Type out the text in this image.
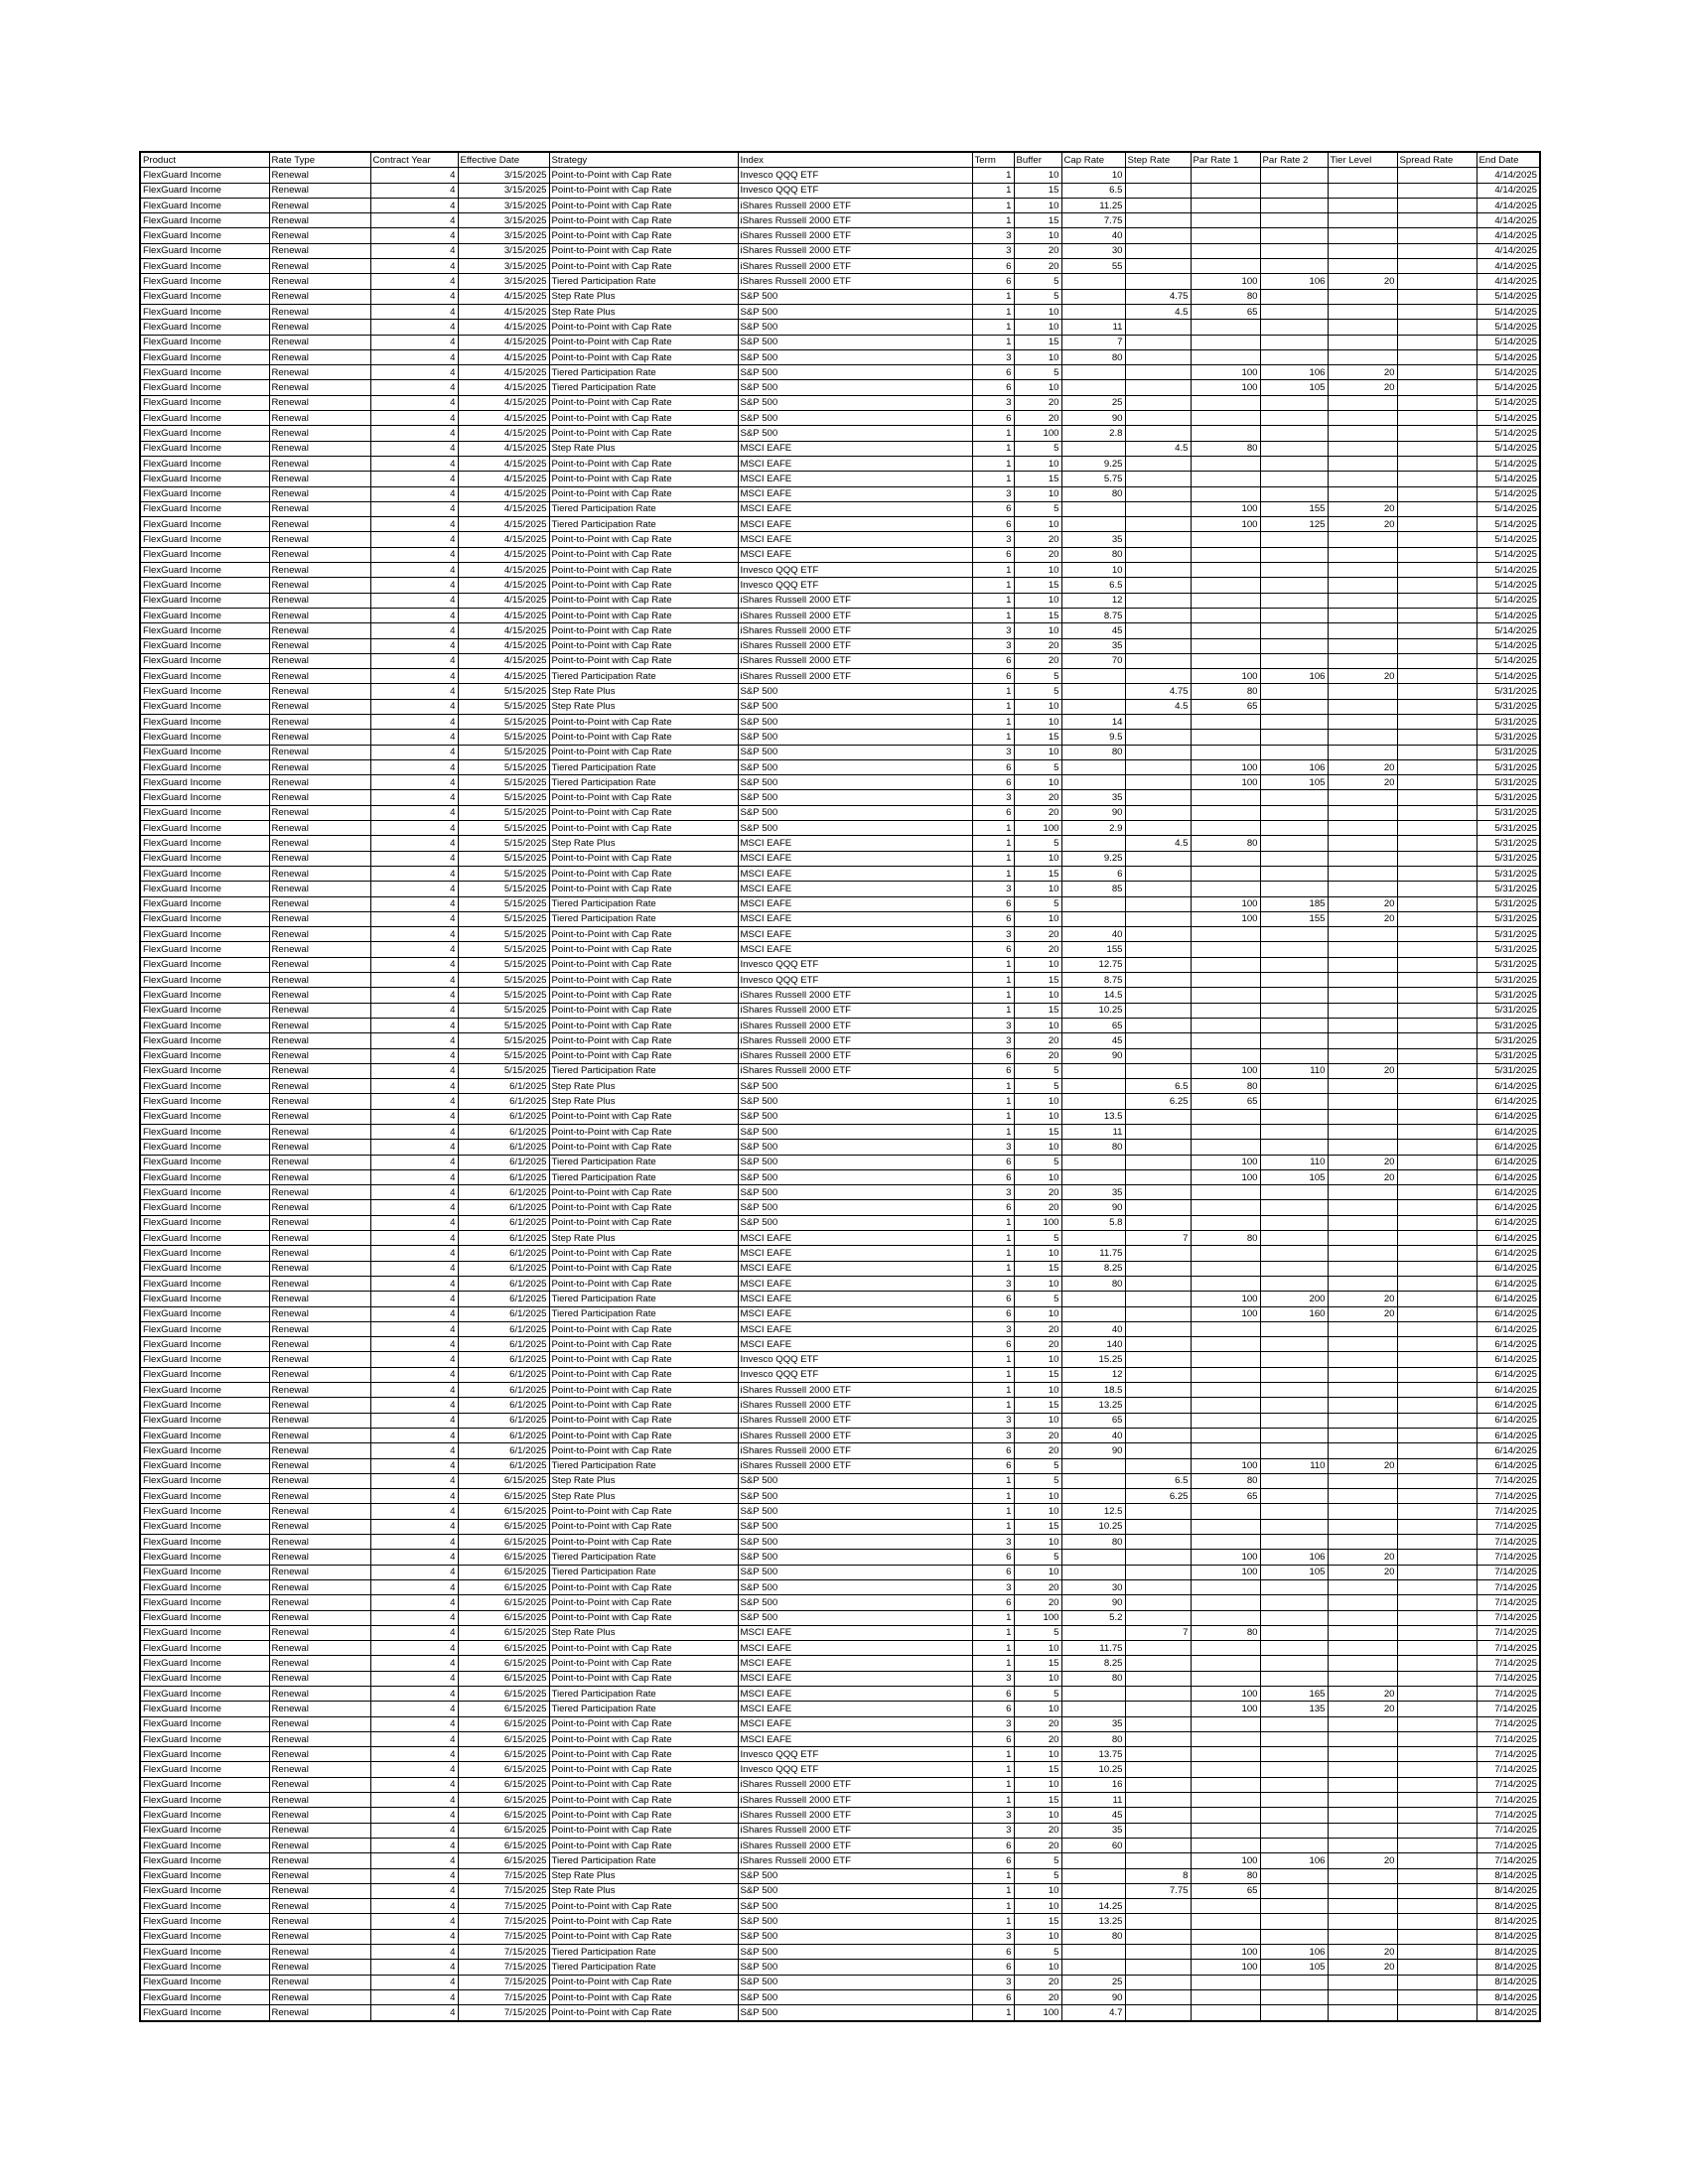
Product	Rate Type	Contract Year	Effective Date	Strategy	Index	Term	Buffer	Cap Rate	Step Rate	Par Rate 1	Par Rate 2	Tier Level	Spread Rate	End Date
FlexGuard Income	Renewal	4	3/15/2025	Point-to-Point with Cap Rate	Invesco QQQ ETF	1	10	10						4/14/2025
FlexGuard Income	Renewal	4	3/15/2025	Point-to-Point with Cap Rate	Invesco QQQ ETF	1	15	6.5						4/14/2025
FlexGuard Income	Renewal	4	3/15/2025	Point-to-Point with Cap Rate	iShares Russell 2000 ETF	1	10	11.25						4/14/2025
FlexGuard Income	Renewal	4	3/15/2025	Point-to-Point with Cap Rate	iShares Russell 2000 ETF	1	15	7.75						4/14/2025
FlexGuard Income	Renewal	4	3/15/2025	Point-to-Point with Cap Rate	iShares Russell 2000 ETF	3	10	40						4/14/2025
FlexGuard Income	Renewal	4	3/15/2025	Point-to-Point with Cap Rate	iShares Russell 2000 ETF	3	20	30						4/14/2025
FlexGuard Income	Renewal	4	3/15/2025	Point-to-Point with Cap Rate	iShares Russell 2000 ETF	6	20	55						4/14/2025
FlexGuard Income	Renewal	4	3/15/2025	Tiered Participation Rate	iShares Russell 2000 ETF	6	5			100	106	20		4/14/2025
FlexGuard Income	Renewal	4	4/15/2025	Step Rate Plus	S&P 500	1	5		4.75	80				5/14/2025
FlexGuard Income	Renewal	4	4/15/2025	Step Rate Plus	S&P 500	1	10		4.5	65				5/14/2025
FlexGuard Income	Renewal	4	4/15/2025	Point-to-Point with Cap Rate	S&P 500	1	10	11						5/14/2025
FlexGuard Income	Renewal	4	4/15/2025	Point-to-Point with Cap Rate	S&P 500	1	15	7						5/14/2025
FlexGuard Income	Renewal	4	4/15/2025	Point-to-Point with Cap Rate	S&P 500	3	10	80						5/14/2025
FlexGuard Income	Renewal	4	4/15/2025	Tiered Participation Rate	S&P 500	6	5			100	106	20		5/14/2025
FlexGuard Income	Renewal	4	4/15/2025	Tiered Participation Rate	S&P 500	6	10			100	105	20		5/14/2025
FlexGuard Income	Renewal	4	4/15/2025	Point-to-Point with Cap Rate	S&P 500	3	20	25						5/14/2025
FlexGuard Income	Renewal	4	4/15/2025	Point-to-Point with Cap Rate	S&P 500	6	20	90						5/14/2025
FlexGuard Income	Renewal	4	4/15/2025	Point-to-Point with Cap Rate	S&P 500	1	100	2.8						5/14/2025
FlexGuard Income	Renewal	4	4/15/2025	Step Rate Plus	MSCI EAFE	1	5		4.5	80				5/14/2025
FlexGuard Income	Renewal	4	4/15/2025	Point-to-Point with Cap Rate	MSCI EAFE	1	10	9.25						5/14/2025
FlexGuard Income	Renewal	4	4/15/2025	Point-to-Point with Cap Rate	MSCI EAFE	1	15	5.75						5/14/2025
FlexGuard Income	Renewal	4	4/15/2025	Point-to-Point with Cap Rate	MSCI EAFE	3	10	80						5/14/2025
FlexGuard Income	Renewal	4	4/15/2025	Tiered Participation Rate	MSCI EAFE	6	5			100	155	20		5/14/2025
FlexGuard Income	Renewal	4	4/15/2025	Tiered Participation Rate	MSCI EAFE	6	10			100	125	20		5/14/2025
FlexGuard Income	Renewal	4	4/15/2025	Point-to-Point with Cap Rate	MSCI EAFE	3	20	35						5/14/2025
FlexGuard Income	Renewal	4	4/15/2025	Point-to-Point with Cap Rate	MSCI EAFE	6	20	80						5/14/2025
FlexGuard Income	Renewal	4	4/15/2025	Point-to-Point with Cap Rate	Invesco QQQ ETF	1	10	10						5/14/2025
FlexGuard Income	Renewal	4	4/15/2025	Point-to-Point with Cap Rate	Invesco QQQ ETF	1	15	6.5						5/14/2025
FlexGuard Income	Renewal	4	4/15/2025	Point-to-Point with Cap Rate	iShares Russell 2000 ETF	1	10	12						5/14/2025
FlexGuard Income	Renewal	4	4/15/2025	Point-to-Point with Cap Rate	iShares Russell 2000 ETF	1	15	8.75						5/14/2025
FlexGuard Income	Renewal	4	4/15/2025	Point-to-Point with Cap Rate	iShares Russell 2000 ETF	3	10	45						5/14/2025
FlexGuard Income	Renewal	4	4/15/2025	Point-to-Point with Cap Rate	iShares Russell 2000 ETF	3	20	35						5/14/2025
FlexGuard Income	Renewal	4	4/15/2025	Point-to-Point with Cap Rate	iShares Russell 2000 ETF	6	20	70						5/14/2025
FlexGuard Income	Renewal	4	4/15/2025	Tiered Participation Rate	iShares Russell 2000 ETF	6	5			100	106	20		5/14/2025
FlexGuard Income	Renewal	4	5/15/2025	Step Rate Plus	S&P 500	1	5		4.75	80				5/31/2025
FlexGuard Income	Renewal	4	5/15/2025	Step Rate Plus	S&P 500	1	10		4.5	65				5/31/2025
FlexGuard Income	Renewal	4	5/15/2025	Point-to-Point with Cap Rate	S&P 500	1	10	14						5/31/2025
FlexGuard Income	Renewal	4	5/15/2025	Point-to-Point with Cap Rate	S&P 500	1	15	9.5						5/31/2025
FlexGuard Income	Renewal	4	5/15/2025	Point-to-Point with Cap Rate	S&P 500	3	10	80						5/31/2025
FlexGuard Income	Renewal	4	5/15/2025	Tiered Participation Rate	S&P 500	6	5			100	106	20		5/31/2025
FlexGuard Income	Renewal	4	5/15/2025	Tiered Participation Rate	S&P 500	6	10			100	105	20		5/31/2025
FlexGuard Income	Renewal	4	5/15/2025	Point-to-Point with Cap Rate	S&P 500	3	20	35						5/31/2025
FlexGuard Income	Renewal	4	5/15/2025	Point-to-Point with Cap Rate	S&P 500	6	20	90						5/31/2025
FlexGuard Income	Renewal	4	5/15/2025	Point-to-Point with Cap Rate	S&P 500	1	100	2.9						5/31/2025
FlexGuard Income	Renewal	4	5/15/2025	Step Rate Plus	MSCI EAFE	1	5		4.5	80				5/31/2025
FlexGuard Income	Renewal	4	5/15/2025	Point-to-Point with Cap Rate	MSCI EAFE	1	10	9.25						5/31/2025
FlexGuard Income	Renewal	4	5/15/2025	Point-to-Point with Cap Rate	MSCI EAFE	1	15	6						5/31/2025
FlexGuard Income	Renewal	4	5/15/2025	Point-to-Point with Cap Rate	MSCI EAFE	3	10	85						5/31/2025
FlexGuard Income	Renewal	4	5/15/2025	Tiered Participation Rate	MSCI EAFE	6	5			100	185	20		5/31/2025
FlexGuard Income	Renewal	4	5/15/2025	Tiered Participation Rate	MSCI EAFE	6	10			100	155	20		5/31/2025
FlexGuard Income	Renewal	4	5/15/2025	Point-to-Point with Cap Rate	MSCI EAFE	3	20	40						5/31/2025
FlexGuard Income	Renewal	4	5/15/2025	Point-to-Point with Cap Rate	MSCI EAFE	6	20	155						5/31/2025
FlexGuard Income	Renewal	4	5/15/2025	Point-to-Point with Cap Rate	Invesco QQQ ETF	1	10	12.75						5/31/2025
FlexGuard Income	Renewal	4	5/15/2025	Point-to-Point with Cap Rate	Invesco QQQ ETF	1	15	8.75						5/31/2025
FlexGuard Income	Renewal	4	5/15/2025	Point-to-Point with Cap Rate	iShares Russell 2000 ETF	1	10	14.5						5/31/2025
FlexGuard Income	Renewal	4	5/15/2025	Point-to-Point with Cap Rate	iShares Russell 2000 ETF	1	15	10.25						5/31/2025
FlexGuard Income	Renewal	4	5/15/2025	Point-to-Point with Cap Rate	iShares Russell 2000 ETF	3	10	65						5/31/2025
FlexGuard Income	Renewal	4	5/15/2025	Point-to-Point with Cap Rate	iShares Russell 2000 ETF	3	20	45						5/31/2025
FlexGuard Income	Renewal	4	5/15/2025	Point-to-Point with Cap Rate	iShares Russell 2000 ETF	6	20	90						5/31/2025
FlexGuard Income	Renewal	4	5/15/2025	Tiered Participation Rate	iShares Russell 2000 ETF	6	5			100	110	20		5/31/2025
FlexGuard Income	Renewal	4	6/1/2025	Step Rate Plus	S&P 500	1	5		6.5	80				6/14/2025
FlexGuard Income	Renewal	4	6/1/2025	Step Rate Plus	S&P 500	1	10		6.25	65				6/14/2025
FlexGuard Income	Renewal	4	6/1/2025	Point-to-Point with Cap Rate	S&P 500	1	10	13.5						6/14/2025
FlexGuard Income	Renewal	4	6/1/2025	Point-to-Point with Cap Rate	S&P 500	1	15	11						6/14/2025
FlexGuard Income	Renewal	4	6/1/2025	Point-to-Point with Cap Rate	S&P 500	3	10	80						6/14/2025
FlexGuard Income	Renewal	4	6/1/2025	Tiered Participation Rate	S&P 500	6	5			100	110	20		6/14/2025
FlexGuard Income	Renewal	4	6/1/2025	Tiered Participation Rate	S&P 500	6	10			100	105	20		6/14/2025
FlexGuard Income	Renewal	4	6/1/2025	Point-to-Point with Cap Rate	S&P 500	3	20	35						6/14/2025
FlexGuard Income	Renewal	4	6/1/2025	Point-to-Point with Cap Rate	S&P 500	6	20	90						6/14/2025
FlexGuard Income	Renewal	4	6/1/2025	Point-to-Point with Cap Rate	S&P 500	1	100	5.8						6/14/2025
FlexGuard Income	Renewal	4	6/1/2025	Step Rate Plus	MSCI EAFE	1	5		7	80				6/14/2025
FlexGuard Income	Renewal	4	6/1/2025	Point-to-Point with Cap Rate	MSCI EAFE	1	10	11.75						6/14/2025
FlexGuard Income	Renewal	4	6/1/2025	Point-to-Point with Cap Rate	MSCI EAFE	1	15	8.25						6/14/2025
FlexGuard Income	Renewal	4	6/1/2025	Point-to-Point with Cap Rate	MSCI EAFE	3	10	80						6/14/2025
FlexGuard Income	Renewal	4	6/1/2025	Tiered Participation Rate	MSCI EAFE	6	5			100	200	20		6/14/2025
FlexGuard Income	Renewal	4	6/1/2025	Tiered Participation Rate	MSCI EAFE	6	10			100	160	20		6/14/2025
FlexGuard Income	Renewal	4	6/1/2025	Point-to-Point with Cap Rate	MSCI EAFE	3	20	40						6/14/2025
FlexGuard Income	Renewal	4	6/1/2025	Point-to-Point with Cap Rate	MSCI EAFE	6	20	140						6/14/2025
FlexGuard Income	Renewal	4	6/1/2025	Point-to-Point with Cap Rate	Invesco QQQ ETF	1	10	15.25						6/14/2025
FlexGuard Income	Renewal	4	6/1/2025	Point-to-Point with Cap Rate	Invesco QQQ ETF	1	15	12						6/14/2025
FlexGuard Income	Renewal	4	6/1/2025	Point-to-Point with Cap Rate	iShares Russell 2000 ETF	1	10	18.5						6/14/2025
FlexGuard Income	Renewal	4	6/1/2025	Point-to-Point with Cap Rate	iShares Russell 2000 ETF	1	15	13.25						6/14/2025
FlexGuard Income	Renewal	4	6/1/2025	Point-to-Point with Cap Rate	iShares Russell 2000 ETF	3	10	65						6/14/2025
FlexGuard Income	Renewal	4	6/1/2025	Point-to-Point with Cap Rate	iShares Russell 2000 ETF	3	20	40						6/14/2025
FlexGuard Income	Renewal	4	6/1/2025	Point-to-Point with Cap Rate	iShares Russell 2000 ETF	6	20	90						6/14/2025
FlexGuard Income	Renewal	4	6/1/2025	Tiered Participation Rate	iShares Russell 2000 ETF	6	5			100	110	20		6/14/2025
FlexGuard Income	Renewal	4	6/15/2025	Step Rate Plus	S&P 500	1	5		6.5	80				7/14/2025
FlexGuard Income	Renewal	4	6/15/2025	Step Rate Plus	S&P 500	1	10		6.25	65				7/14/2025
FlexGuard Income	Renewal	4	6/15/2025	Point-to-Point with Cap Rate	S&P 500	1	10	12.5						7/14/2025
FlexGuard Income	Renewal	4	6/15/2025	Point-to-Point with Cap Rate	S&P 500	1	15	10.25						7/14/2025
FlexGuard Income	Renewal	4	6/15/2025	Point-to-Point with Cap Rate	S&P 500	3	10	80						7/14/2025
FlexGuard Income	Renewal	4	6/15/2025	Tiered Participation Rate	S&P 500	6	5			100	106	20		7/14/2025
FlexGuard Income	Renewal	4	6/15/2025	Tiered Participation Rate	S&P 500	6	10			100	105	20		7/14/2025
FlexGuard Income	Renewal	4	6/15/2025	Point-to-Point with Cap Rate	S&P 500	3	20	30						7/14/2025
FlexGuard Income	Renewal	4	6/15/2025	Point-to-Point with Cap Rate	S&P 500	6	20	90						7/14/2025
FlexGuard Income	Renewal	4	6/15/2025	Point-to-Point with Cap Rate	S&P 500	1	100	5.2						7/14/2025
FlexGuard Income	Renewal	4	6/15/2025	Step Rate Plus	MSCI EAFE	1	5		7	80				7/14/2025
FlexGuard Income	Renewal	4	6/15/2025	Point-to-Point with Cap Rate	MSCI EAFE	1	10	11.75						7/14/2025
FlexGuard Income	Renewal	4	6/15/2025	Point-to-Point with Cap Rate	MSCI EAFE	1	15	8.25						7/14/2025
FlexGuard Income	Renewal	4	6/15/2025	Point-to-Point with Cap Rate	MSCI EAFE	3	10	80						7/14/2025
FlexGuard Income	Renewal	4	6/15/2025	Tiered Participation Rate	MSCI EAFE	6	5			100	165	20		7/14/2025
FlexGuard Income	Renewal	4	6/15/2025	Tiered Participation Rate	MSCI EAFE	6	10			100	135	20		7/14/2025
FlexGuard Income	Renewal	4	6/15/2025	Point-to-Point with Cap Rate	MSCI EAFE	3	20	35						7/14/2025
FlexGuard Income	Renewal	4	6/15/2025	Point-to-Point with Cap Rate	MSCI EAFE	6	20	80						7/14/2025
FlexGuard Income	Renewal	4	6/15/2025	Point-to-Point with Cap Rate	Invesco QQQ ETF	1	10	13.75						7/14/2025
FlexGuard Income	Renewal	4	6/15/2025	Point-to-Point with Cap Rate	Invesco QQQ ETF	1	15	10.25						7/14/2025
FlexGuard Income	Renewal	4	6/15/2025	Point-to-Point with Cap Rate	iShares Russell 2000 ETF	1	10	16						7/14/2025
FlexGuard Income	Renewal	4	6/15/2025	Point-to-Point with Cap Rate	iShares Russell 2000 ETF	1	15	11						7/14/2025
FlexGuard Income	Renewal	4	6/15/2025	Point-to-Point with Cap Rate	iShares Russell 2000 ETF	3	10	45						7/14/2025
FlexGuard Income	Renewal	4	6/15/2025	Point-to-Point with Cap Rate	iShares Russell 2000 ETF	3	20	35						7/14/2025
FlexGuard Income	Renewal	4	6/15/2025	Point-to-Point with Cap Rate	iShares Russell 2000 ETF	6	20	60						7/14/2025
FlexGuard Income	Renewal	4	6/15/2025	Tiered Participation Rate	iShares Russell 2000 ETF	6	5			100	106	20		7/14/2025
FlexGuard Income	Renewal	4	7/15/2025	Step Rate Plus	S&P 500	1	5		8	80				8/14/2025
FlexGuard Income	Renewal	4	7/15/2025	Step Rate Plus	S&P 500	1	10		7.75	65				8/14/2025
FlexGuard Income	Renewal	4	7/15/2025	Point-to-Point with Cap Rate	S&P 500	1	10	14.25						8/14/2025
FlexGuard Income	Renewal	4	7/15/2025	Point-to-Point with Cap Rate	S&P 500	1	15	13.25						8/14/2025
FlexGuard Income	Renewal	4	7/15/2025	Point-to-Point with Cap Rate	S&P 500	3	10	80						8/14/2025
FlexGuard Income	Renewal	4	7/15/2025	Tiered Participation Rate	S&P 500	6	5			100	106	20		8/14/2025
FlexGuard Income	Renewal	4	7/15/2025	Tiered Participation Rate	S&P 500	6	10			100	105	20		8/14/2025
FlexGuard Income	Renewal	4	7/15/2025	Point-to-Point with Cap Rate	S&P 500	3	20	25						8/14/2025
FlexGuard Income	Renewal	4	7/15/2025	Point-to-Point with Cap Rate	S&P 500	6	20	90						8/14/2025
FlexGuard Income	Renewal	4	7/15/2025	Point-to-Point with Cap Rate	S&P 500	1	100	4.7						8/14/2025
